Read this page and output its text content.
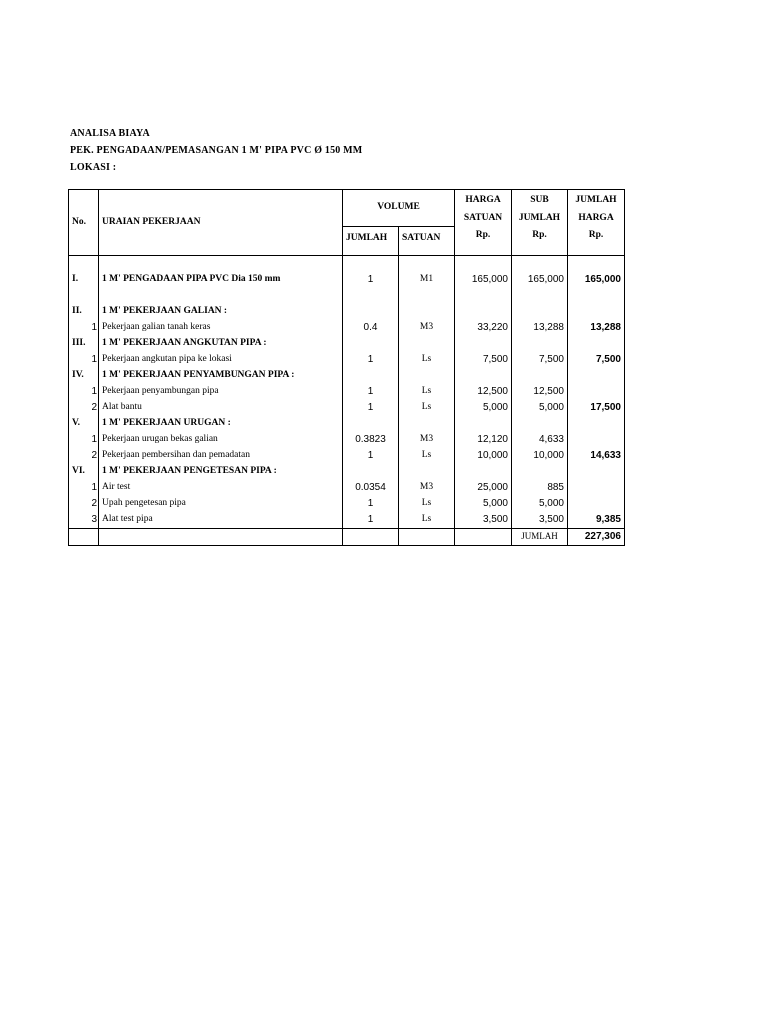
ANALISA BIAYA
PEK. PENGADAAN/PEMASANGAN 1 M' PIPA PVC Ø 150 MM
LOKASI :
No.	URAIAN PEKERJAAN	VOLUME		HARGA	SUB	JUMLAH
				SATUAN	JUMLAH	HARGA
		JUMLAH	SATUAN	Rp.	Rp.	Rp.

I.	1 M' PENGADAAN PIPA PVC Dia 150 mm	1	M1	165,000	165,000	165,000

II.	1 M' PEKERJAAN GALIAN :					
1	Pekerjaan galian tanah keras	0.4	M3	33,220	13,288	13,288
III.	1 M' PEKERJAAN ANGKUTAN PIPA :					
1	Pekerjaan angkutan pipa ke lokasi	1	Ls	7,500	7,500	7,500
IV.	1 M' PEKERJAAN PENYAMBUNGAN PIPA :					
1	Pekerjaan penyambungan pipa	1	Ls	12,500	12,500	
2	Alat bantu	1	Ls	5,000	5,000	17,500
V.	1 M' PEKERJAAN URUGAN :					
1	Pekerjaan urugan bekas galian	0.3823	M3	12,120	4,633	
2	Pekerjaan pembersihan dan pemadatan	1	Ls	10,000	10,000	14,633
VI.	1 M' PEKERJAAN PENGETESAN PIPA :					
1	Air test	0.0354	M3	25,000	885	
2	Upah pengetesan pipa	1	Ls	5,000	5,000	
3	Alat test pipa	1	Ls	3,500	3,500	9,385
					JUMLAH	227,306
